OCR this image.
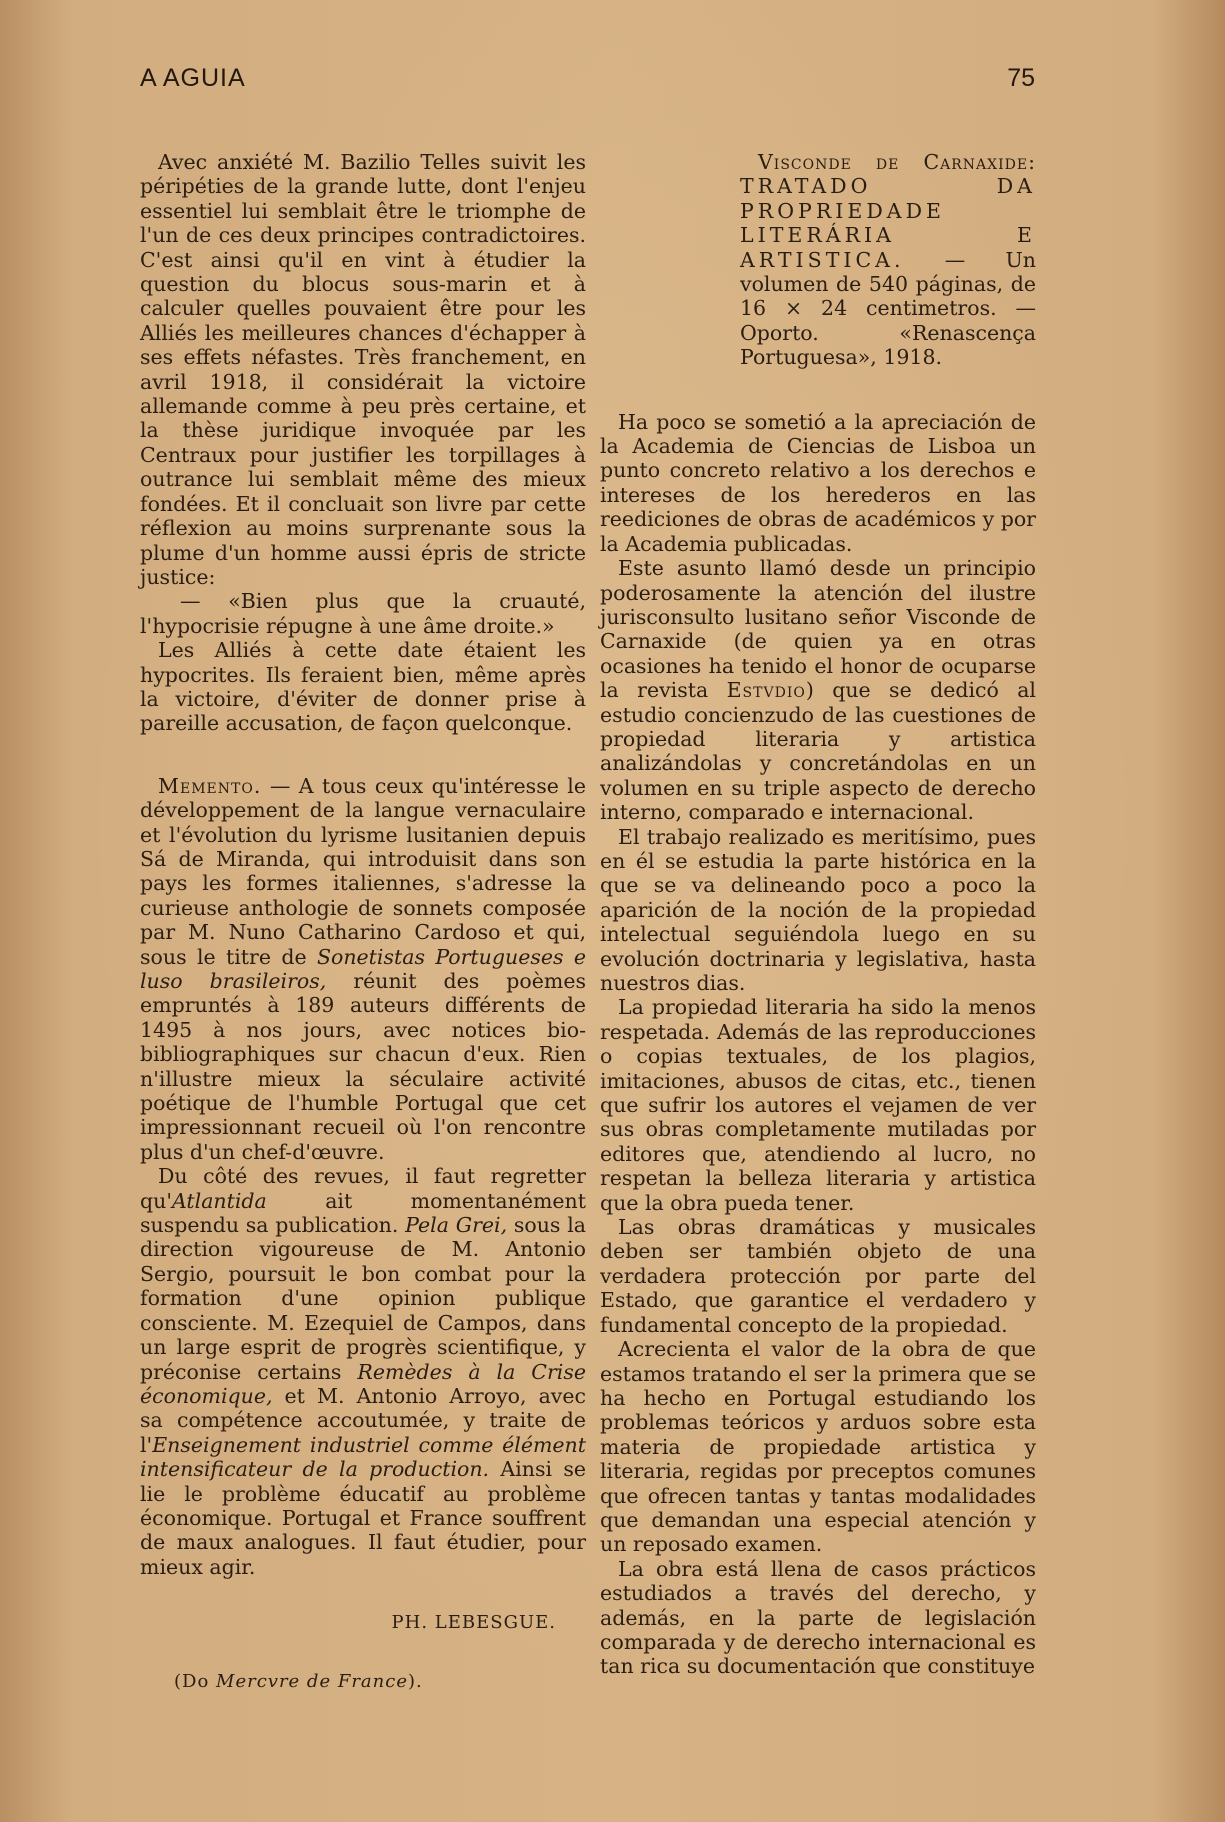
A AGUIA	75

Avec anxiété M. Bazilio Telles suivit les péripéties de la grande lutte, dont l'enjeu essentiel lui semblait être le triomphe de l'un de ces deux principes contradictoires. C'est ainsi qu'il en vint à étudier la question du blocus sous-marin et à calculer quelles pouvaient être pour les Alliés les meilleures chances d'échapper à ses effets néfastes. Très franchement, en avril 1918, il considérait la victoire allemande comme à peu près certaine, et la thèse juridique invoquée par les Centraux pour justifier les torpillages à outrance lui semblait même des mieux fondées. Et il concluait son livre par cette réflexion au moins surprenante sous la plume d'un homme aussi épris de stricte justice:

— «Bien plus que la cruauté, l'hypocrisie répugne à une âme droite.»

Les Alliés à cette date étaient les hypocrites. Ils feraient bien, même après la victoire, d'éviter de donner prise à pareille accusation, de façon quelconque.

Memento. — A tous ceux qu'intéresse le développement de la langue vernaculaire et l'évolution du lyrisme lusitanien depuis Sá de Miranda, qui introduisit dans son pays les formes italiennes, s'adresse la curieuse anthologie de sonnets composée par M. Nuno Catharino Cardoso et qui, sous le titre de Sonetistas Portugueses e luso brasileiros, réunit des poèmes empruntés à 189 auteurs différents de 1495 à nos jours, avec notices bio-bibliographiques sur chacun d'eux. Rien n'illustre mieux la séculaire activité poétique de l'humble Portugal que cet impressionnant recueil où l'on rencontre plus d'un chef-d'œuvre.

Du côté des revues, il faut regretter qu'Atlantida ait momentanément suspendu sa publication. Pela Grei, sous la direction vigoureuse de M. Antonio Sergio, poursuit le bon combat pour la formation d'une opinion publique consciente. M. Ezequiel de Campos, dans un large esprit de progrès scientifique, y préconise certains Remèdes à la Crise économique, et M. Antonio Arroyo, avec sa compétence accoutumée, y traite de l'Enseignement industriel comme élément intensificateur de la production. Ainsi se lie le problème éducatif au problème économique. Portugal et France souffrent de maux analogues. Il faut étudier, pour mieux agir.

PH. LEBESGUE.
(Do Mercvre de France).
Visconde de Carnaxide: TRATADO DA PROPRIEDADE LITERÁRIA E ARTISTICA. — Un volumen de 540 páginas, de 16 × 24 centimetros. — Oporto. «Renascença Portuguesa», 1918.

Ha poco se sometió a la apreciación de la Academia de Ciencias de Lisboa un punto concreto relativo a los derechos e intereses de los herederos en las reediciones de obras de académicos y por la Academia publicadas.

Este asunto llamó desde un principio poderosamente la atención del ilustre jurisconsulto lusitano señor Visconde de Carnaxide (de quien ya en otras ocasiones ha tenido el honor de ocuparse la revista Estvdio) que se dedicó al estudio concienzudo de las cuestiones de propiedad literaria y artistica analizándolas y concretándolas en un volumen en su triple aspecto de derecho interno, comparado e internacional.

El trabajo realizado es meritísimo, pues en él se estudia la parte histórica en la que se va delineando poco a poco la aparición de la noción de la propiedad intelectual seguiéndola luego en su evolución doctrinaria y legislativa, hasta nuestros dias.

La propiedad literaria ha sido la menos respetada. Además de las reproducciones o copias textuales, de los plagios, imitaciones, abusos de citas, etc., tienen que sufrir los autores el vejamen de ver sus obras completamente mutiladas por editores que, atendiendo al lucro, no respetan la belleza literaria y artistica que la obra pueda tener.

Las obras dramáticas y musicales deben ser también objeto de una verdadera protección por parte del Estado, que garantice el verdadero y fundamental concepto de la propiedad.

Acrecienta el valor de la obra de que estamos tratando el ser la primera que se ha hecho en Portugal estudiando los problemas teóricos y arduos sobre esta materia de propiedade artistica y literaria, regidas por preceptos comunes que ofrecen tantas y tantas modalidades que demandan una especial atención y un reposado examen.

La obra está llena de casos prácticos estudiados a través del derecho, y además, en la parte de legislación comparada y de derecho internacional es tan rica su documentación que constituye
